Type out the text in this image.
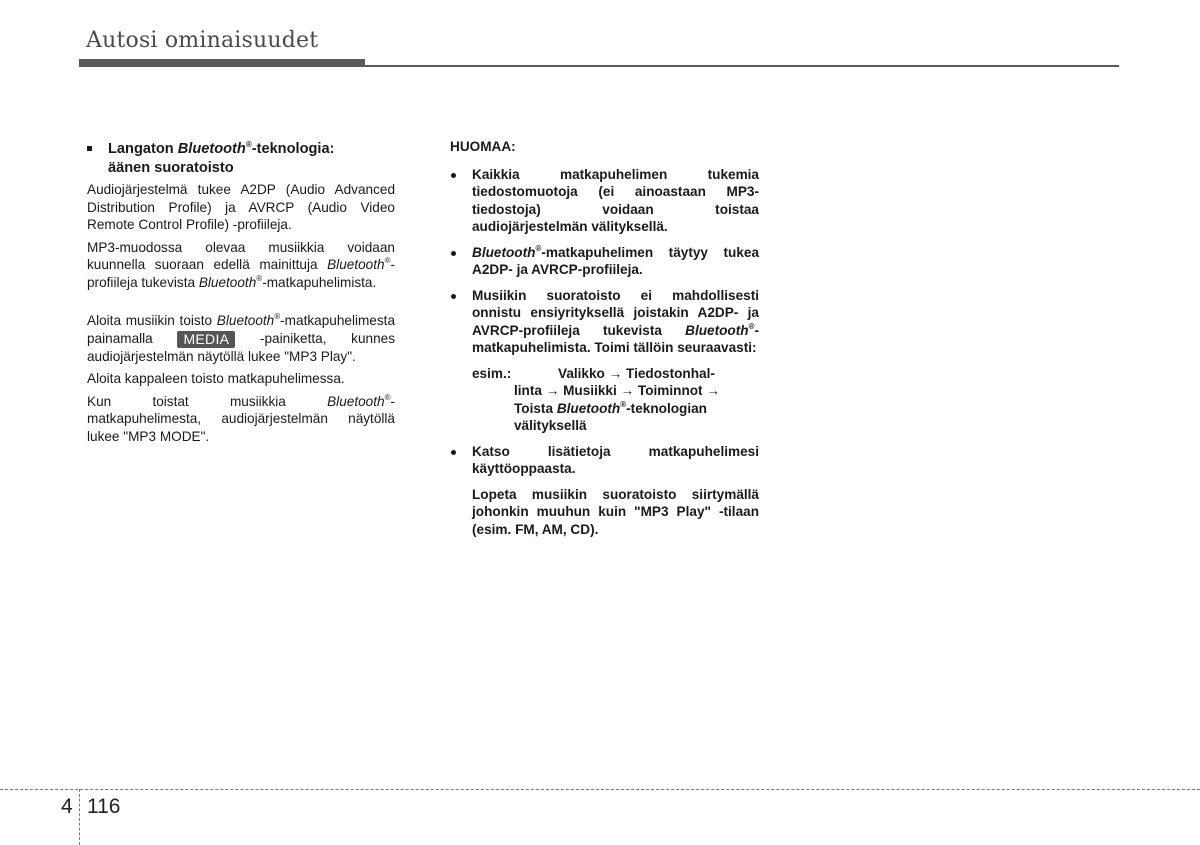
Autosi ominaisuudet
Langaton Bluetooth®-teknologia:
äänen suoratoisto

Audiojärjestelmä tukee A2DP (Audio Advanced Distribution Profile) ja AVRCP (Audio Video Remote Control Profile) -profiileja.

MP3-muodossa olevaa musiikkia voidaan kuunnella suoraan edellä mainittuja Bluetooth®-profiileja tukevista Bluetooth®-matkapuhelimista.

Aloita musiikin toisto Bluetooth®-matkapuhelimesta painamalla MEDIA -painiketta, kunnes audiojärjestelmän näytöllä lukee "MP3 Play".

Aloita kappaleen toisto matkapuhelimessa.

Kun toistat musiikkia Bluetooth®-matkapuhelimesta, audiojärjestelmän näytöllä lukee "MP3 MODE".

HUOMAA:
Kaikkia matkapuhelimen tukemia tiedostomuotoja (ei ainoastaan MP3-tiedostoja) voidaan toistaa audiojärjestelmän välityksellä.
Bluetooth®-matkapuhelimen täytyy tukea A2DP- ja AVRCP-profiileja.
Musiikin suoratoisto ei mahdollisesti onnistu ensiyrityksellä joistakin A2DP- ja AVRCP-profiileja tukevista Bluetooth®-matkapuhelimista. Toimi tällöin seuraavasti:
esim.:	Valikko → Tiedostonhal-
linta → Musiikki → Toiminnot →
Toista Bluetooth®-teknologian
välityksellä
Katso lisätietoja matkapuhelimesi käyttöoppaasta.
Lopeta musiikin suoratoisto siirtymällä johonkin muuhun kuin "MP3 Play" -tilaan (esim. FM, AM, CD).
4 116
